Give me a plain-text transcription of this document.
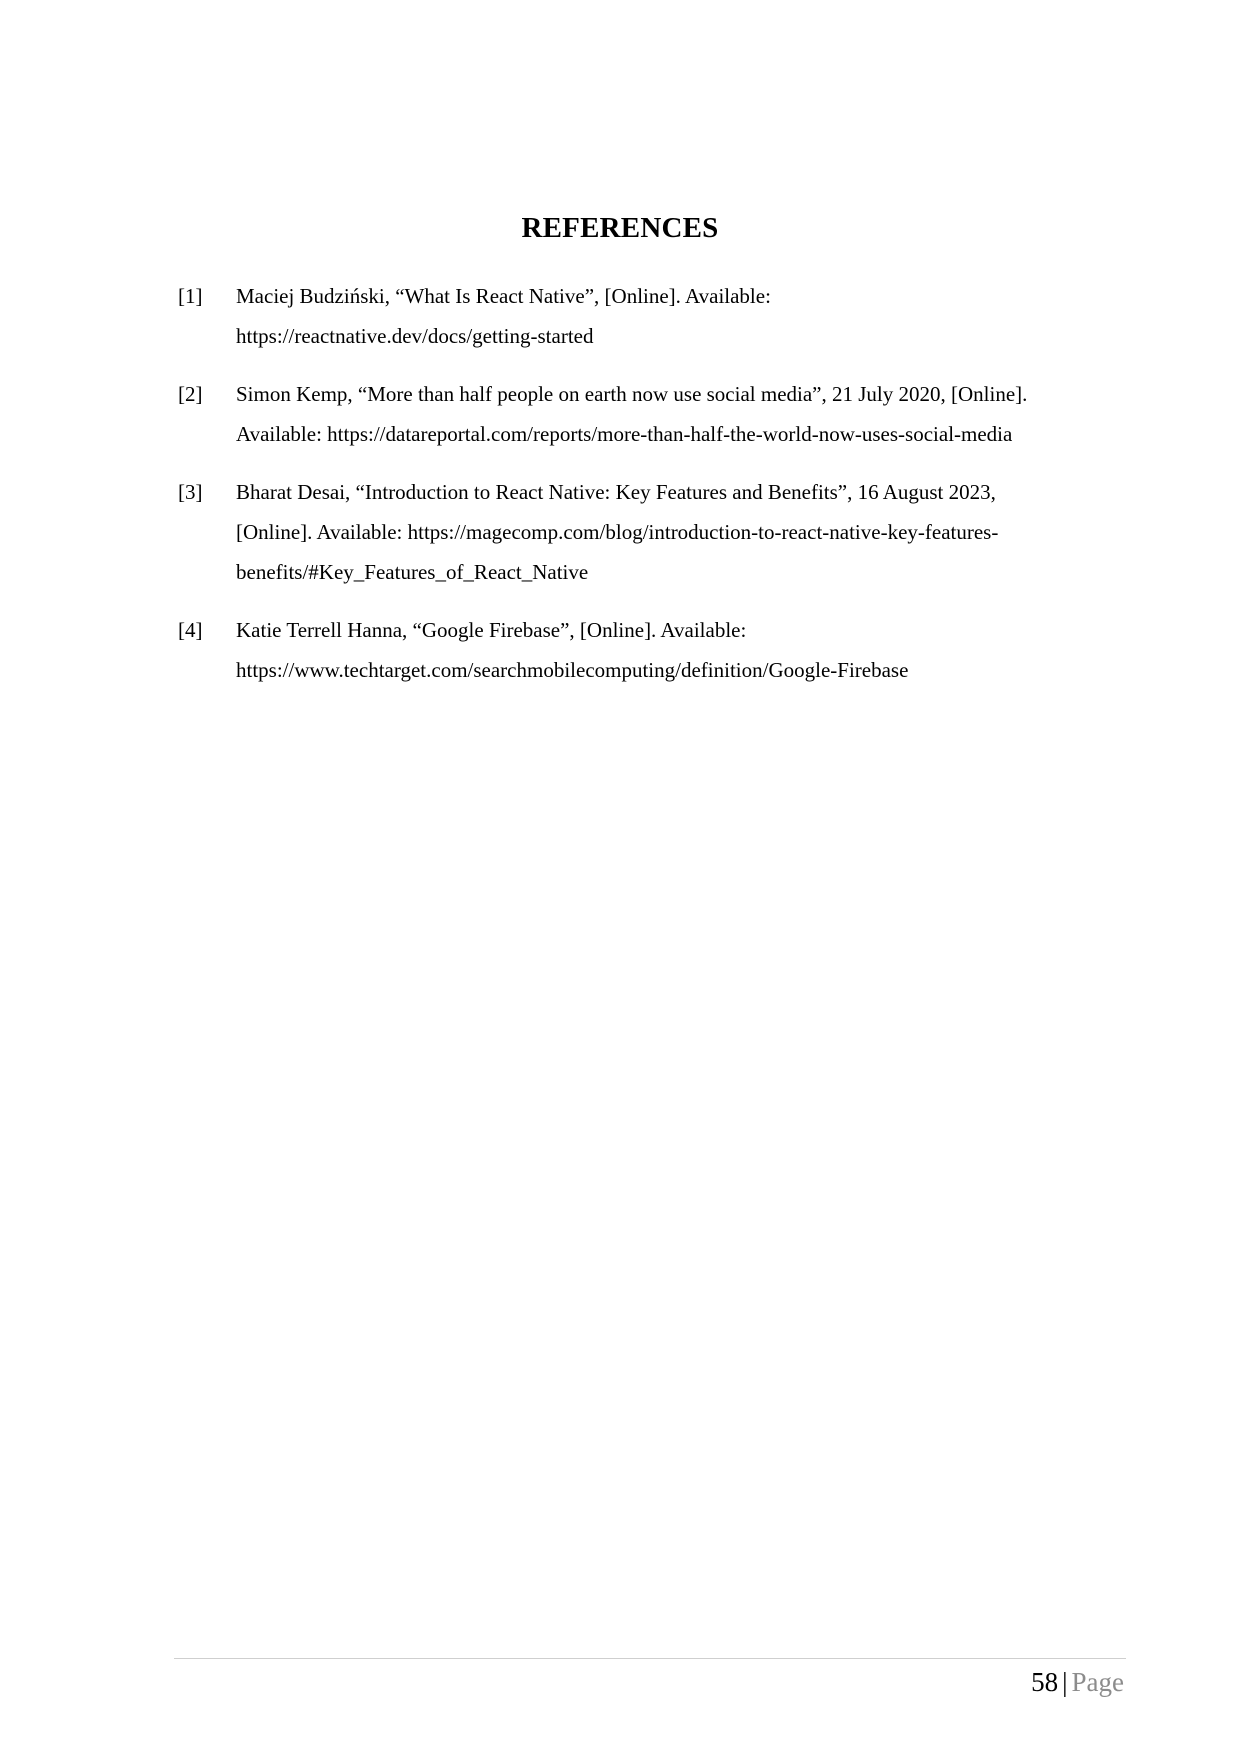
REFERENCES
[1]	Maciej Budziński, “What Is React Native”, [Online]. Available:
https://reactnative.dev/docs/getting-started
[2]	Simon Kemp, “More than half people on earth now use social media”, 21 July 2020, [Online].
Available: https://datareportal.com/reports/more-than-half-the-world-now-uses-social-media
[3]	Bharat Desai, “Introduction to React Native: Key Features and Benefits”, 16 August 2023,
[Online]. Available: https://magecomp.com/blog/introduction-to-react-native-key-features-
benefits/#Key_Features_of_React_Native
[4]	Katie Terrell Hanna, “Google Firebase”, [Online]. Available:
https://www.techtarget.com/searchmobilecomputing/definition/Google-Firebase
58 | Page
